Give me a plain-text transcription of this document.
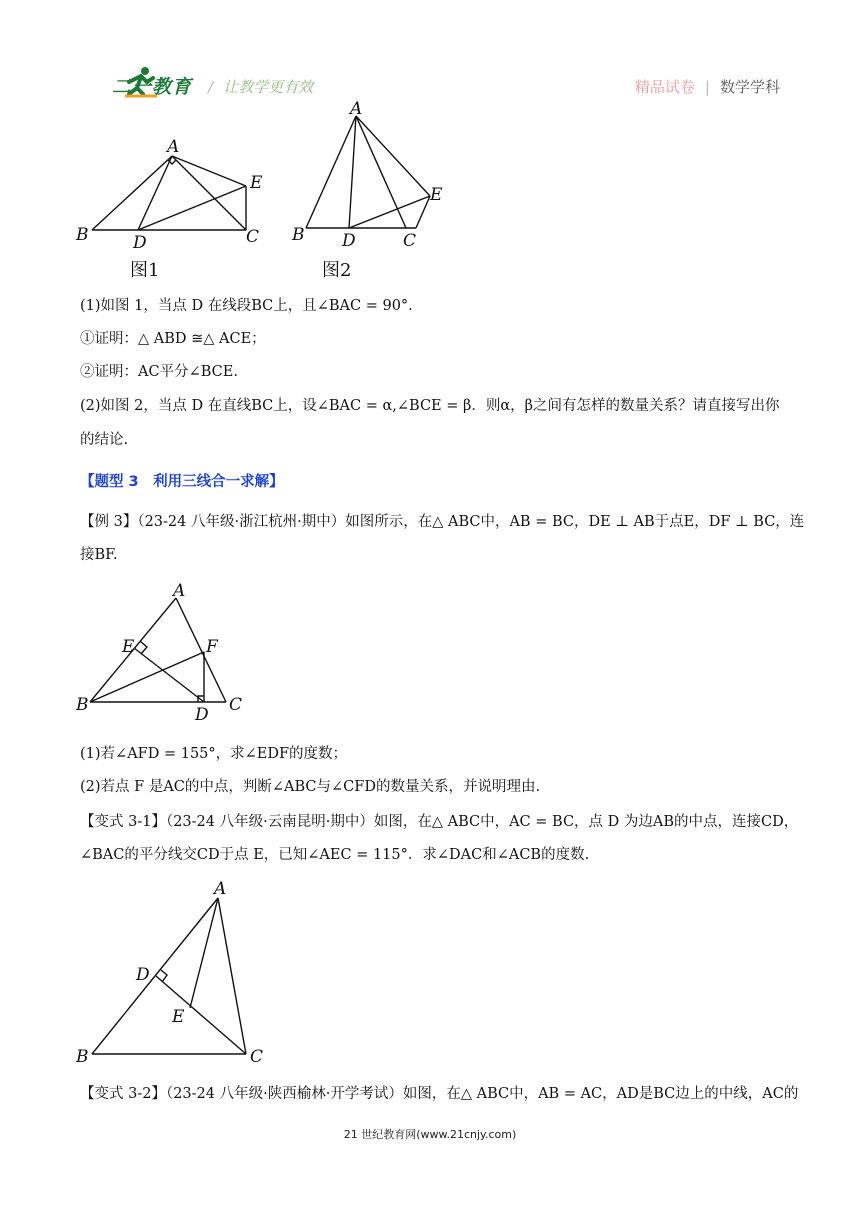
二一教育 / 让教学更有效	精品试卷 | 数学学科
A
B	C
D
E
图1
A
B	C
D
E
图2
(1)如图 1，当点 D 在线段BC上，且∠BAC = 90°.
①证明：△ ABD ≅△ ACE；
②证明：AC平分∠BCE.
(2)如图 2，当点 D 在直线BC上，设∠BAC = α,∠BCE = β．则α，β之间有怎样的数量关系？请直接写出你
的结论.
【题型 3　利用三线合一求解】
【例 3】（23-24 八年级·浙江杭州·期中）如图所示，在△ ABC中，AB = BC，DE ⊥ AB于点E，DF ⊥ BC，连
接BF.
A
B	C
D
E	F
(1)若∠AFD = 155°，求∠EDF的度数；
(2)若点 F 是AC的中点，判断∠ABC与∠CFD的数量关系，并说明理由.
【变式 3-1】（23-24 八年级·云南昆明·期中）如图，在△ ABC中，AC = BC，点 D 为边AB的中点，连接CD，
∠BAC的平分线交CD于点 E，已知∠AEC = 115°．求∠DAC和∠ACB的度数.
A
B	C
D
E
【变式 3-2】（23-24 八年级·陕西榆林·开学考试）如图，在△ ABC中，AB = AC，AD是BC边上的中线，AC的
21 世纪教育网(www.21cnjy.com)
